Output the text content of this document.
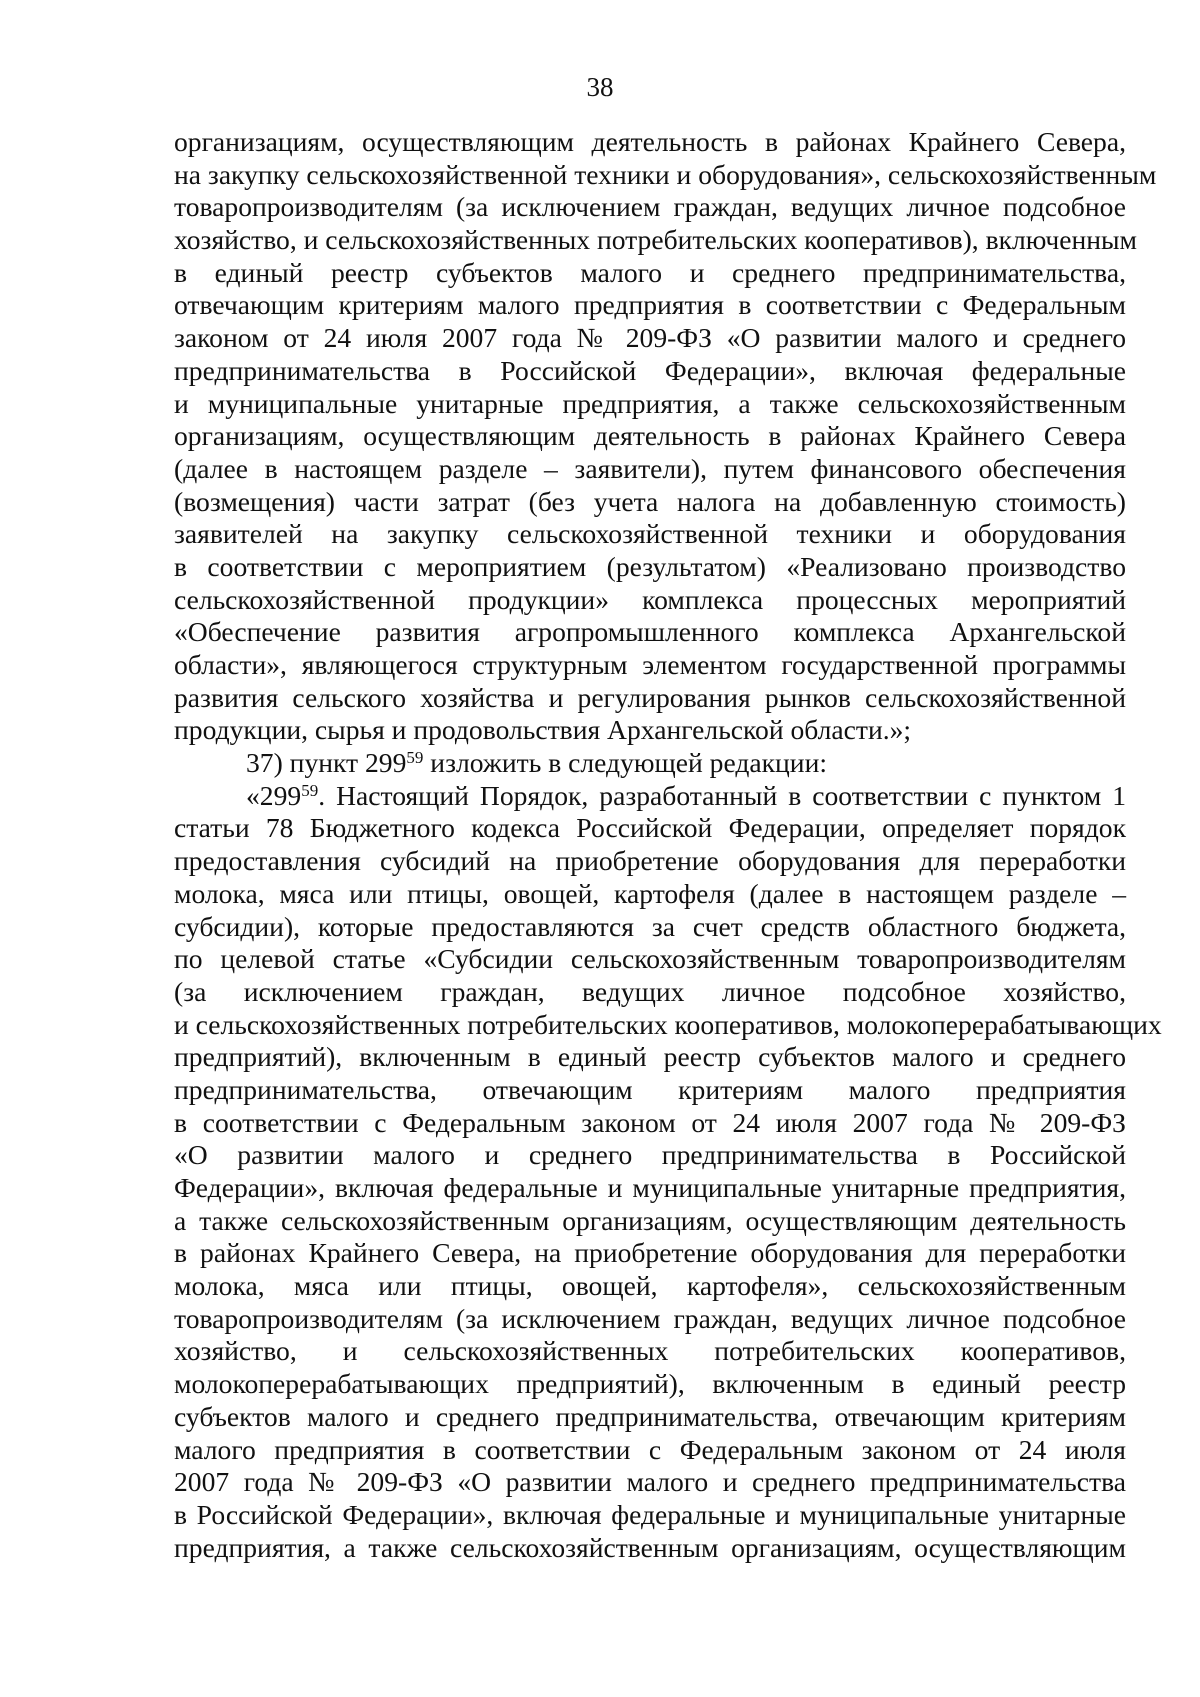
38
организациям, осуществляющим деятельность в районах Крайнего Севера,
на закупку сельскохозяйственной техники и оборудования», сельскохозяйственным
товаропроизводителям (за исключением граждан, ведущих личное подсобное
хозяйство, и сельскохозяйственных потребительских кооперативов), включенным
в единый реестр субъектов малого и среднего предпринимательства,
отвечающим критериям малого предприятия в соответствии с Федеральным
законом от 24 июля 2007 года № 209-ФЗ «О развитии малого и среднего
предпринимательства в Российской Федерации», включая федеральные
и муниципальные унитарные предприятия, а также сельскохозяйственным
организациям, осуществляющим деятельность в районах Крайнего Севера
(далее в настоящем разделе – заявители), путем финансового обеспечения
(возмещения) части затрат (без учета налога на добавленную стоимость)
заявителей на закупку сельскохозяйственной техники и оборудования
в соответствии с мероприятием (результатом) «Реализовано производство
сельскохозяйственной продукции» комплекса процессных мероприятий
«Обеспечение развития агропромышленного комплекса Архангельской
области», являющегося структурным элементом государственной программы
развития сельского хозяйства и регулирования рынков сельскохозяйственной
продукции, сырья и продовольствия Архангельской области.»;
37) пункт $299^{59}$ изложить в следующей редакции:
«$299^{59}$. Настоящий Порядок, разработанный в соответствии с пунктом 1
статьи 78 Бюджетного кодекса Российской Федерации, определяет порядок
предоставления субсидий на приобретение оборудования для переработки
молока, мяса или птицы, овощей, картофеля (далее в настоящем разделе –
субсидии), которые предоставляются за счет средств областного бюджета,
по целевой статье «Субсидии сельскохозяйственным товаропроизводителям
(за исключением граждан, ведущих личное подсобное хозяйство,
и сельскохозяйственных потребительских кооперативов, молокоперерабатывающих
предприятий), включенным в единый реестр субъектов малого и среднего
предпринимательства, отвечающим критериям малого предприятия
в соответствии с Федеральным законом от 24 июля 2007 года № 209-ФЗ
«О развитии малого и среднего предпринимательства в Российской
Федерации», включая федеральные и муниципальные унитарные предприятия,
а также сельскохозяйственным организациям, осуществляющим деятельность
в районах Крайнего Севера, на приобретение оборудования для переработки
молока, мяса или птицы, овощей, картофеля», сельскохозяйственным
товаропроизводителям (за исключением граждан, ведущих личное подсобное
хозяйство, и сельскохозяйственных потребительских кооперативов,
молокоперерабатывающих предприятий), включенным в единый реестр
субъектов малого и среднего предпринимательства, отвечающим критериям
малого предприятия в соответствии с Федеральным законом от 24 июля
2007 года № 209-ФЗ «О развитии малого и среднего предпринимательства
в Российской Федерации», включая федеральные и муниципальные унитарные
предприятия, а также сельскохозяйственным организациям, осуществляющим
